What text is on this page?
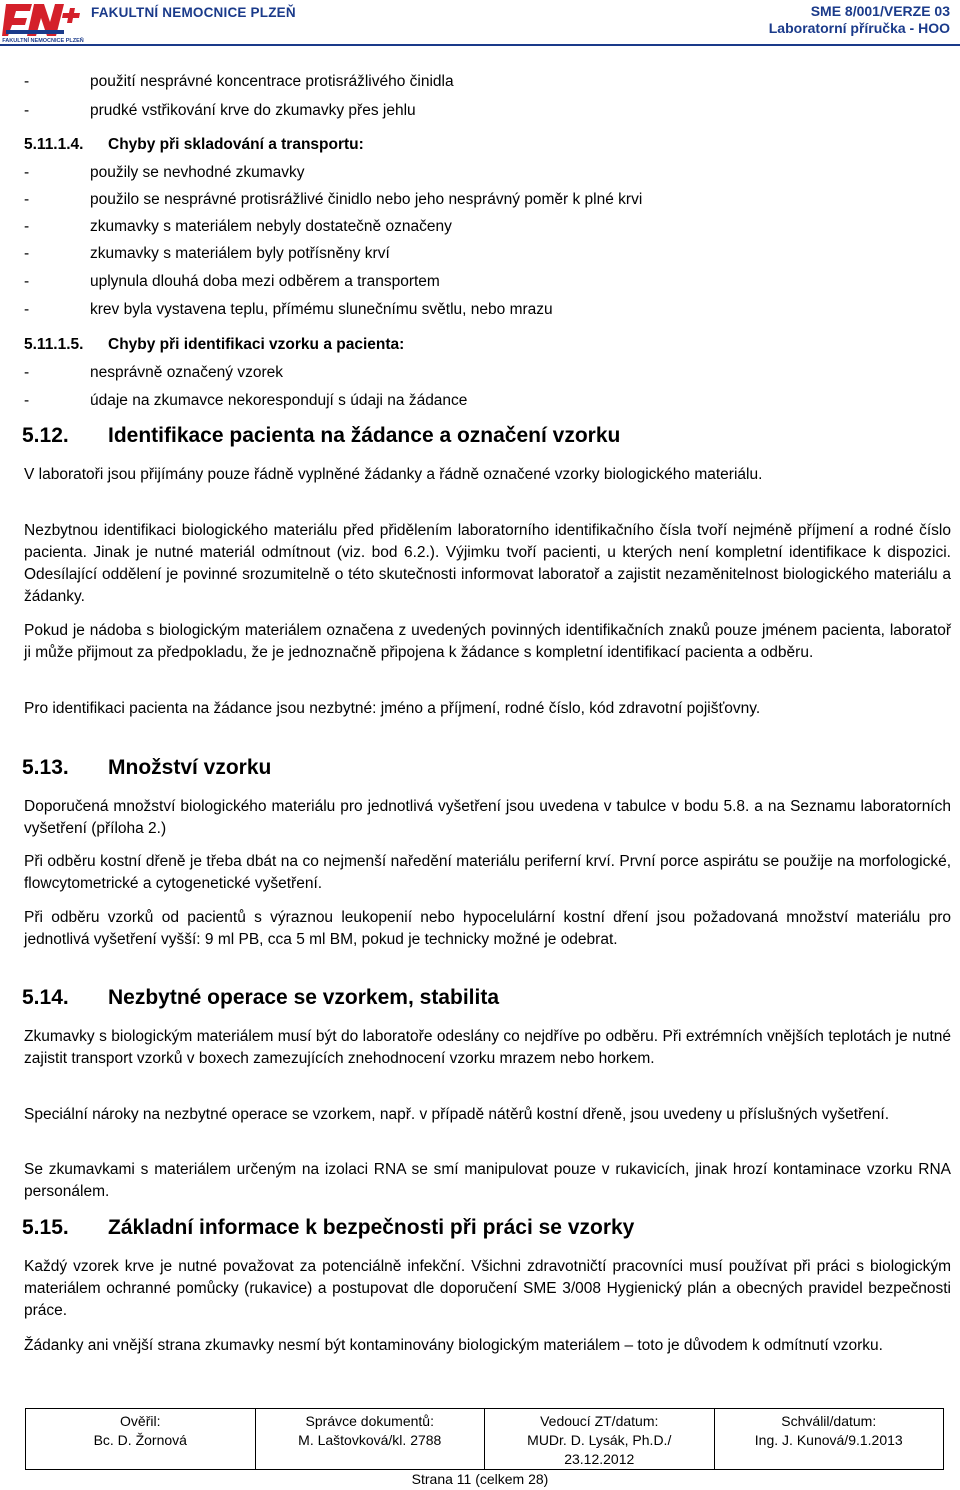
FAKULTNÍ NEMOCNICE PLZEŇ
FAKULTNÍ NEMOCNICE PLZEŇ	SME 8/001/VERZE 03
Laboratorní příručka - HOO
-	použití nesprávné koncentrace protisrážlivého činidla
-	prudké vstřikování krve do zkumavky přes jehlu
5.11.1.4. Chyby při skladování a transportu:
-	použily se nevhodné zkumavky
-	použilo se nesprávné protisrážlivé činidlo nebo jeho nesprávný poměr k plné krvi
-	zkumavky s materiálem nebyly dostatečně označeny
-	zkumavky s materiálem byly potřísněny krví
-	uplynula dlouhá doba mezi odběrem a transportem
-	krev byla vystavena teplu, přímému slunečnímu světlu, nebo mrazu
5.11.1.5. Chyby při identifikaci vzorku a pacienta:
-	nesprávně označený vzorek
-	údaje na zkumavce nekorespondují s údaji na žádance
5.12. Identifikace pacienta na žádance a označení vzorku
V laboratoři jsou přijímány pouze řádně vyplněné žádanky a řádně označené vzorky biologického materiálu.
Nezbytnou identifikaci biologického materiálu před přidělením laboratorního identifikačního čísla tvoří nejméně příjmení a rodné číslo pacienta. Jinak je nutné materiál odmítnout (viz. bod 6.2.). Výjimku tvoří pacienti, u kterých není kompletní identifikace k dispozici. Odesílající oddělení je povinné srozumitelně o této skutečnosti informovat laboratoř a zajistit nezaměnitelnost biologického materiálu a žádanky.
Pokud je nádoba s biologickým materiálem označena z uvedených povinných identifikačních znaků pouze jménem pacienta, laboratoř ji může přijmout za předpokladu, že je jednoznačně připojena k žádance s kompletní identifikací pacienta a odběru.
Pro identifikaci pacienta na žádance jsou nezbytné: jméno a příjmení, rodné číslo, kód zdravotní pojišťovny.
5.13. Množství vzorku
Doporučená množství biologického materiálu pro jednotlivá vyšetření jsou uvedena v tabulce v bodu 5.8. a na Seznamu laboratorních vyšetření (příloha 2.)
Při odběru kostní dřeně je třeba dbát na co nejmenší naředění materiálu periferní krví. První porce aspirátu se použije na morfologické, flowcytometrické a cytogenetické vyšetření.
Při odběru vzorků od pacientů s výraznou leukopenií nebo hypocelulární kostní dření jsou požadovaná množství materiálu pro jednotlivá vyšetření vyšší: 9 ml PB, cca 5 ml BM, pokud je technicky možné je odebrat.
5.14. Nezbytné operace se vzorkem, stabilita
Zkumavky s biologickým materiálem musí být do laboratoře odeslány co nejdříve po odběru. Při extrémních vnějších teplotách je nutné zajistit transport vzorků v boxech zamezujících znehodnocení vzorku mrazem nebo horkem.
Speciální nároky na nezbytné operace se vzorkem, např. v případě nátěrů kostní dřeně, jsou uvedeny u příslušných vyšetření.
Se zkumavkami s materiálem určeným na izolaci RNA se smí manipulovat pouze v rukavicích, jinak hrozí kontaminace vzorku RNA personálem.
5.15. Základní informace k bezpečnosti při práci se vzorky
Každý vzorek krve je nutné považovat za potenciálně infekční. Všichni zdravotničtí pracovníci musí používat při práci s biologickým materiálem ochranné pomůcky (rukavice) a postupovat dle doporučení SME 3/008 Hygienický plán a obecných pravidel bezpečnosti práce.
Žádanky ani vnější strana zkumavky nesmí být kontaminovány biologickým materiálem – toto je důvodem k odmítnutí vzorku.
Ověřil:
Bc. D. Žornová

Správce dokumentů:
M. Laštovková/kl. 2788

Vedoucí ZT/datum:
MUDr. D. Lysák, Ph.D./
23.12.2012

Schválil/datum:
Ing. J. Kunová/9.1.2013
Strana 11 (celkem 28)
